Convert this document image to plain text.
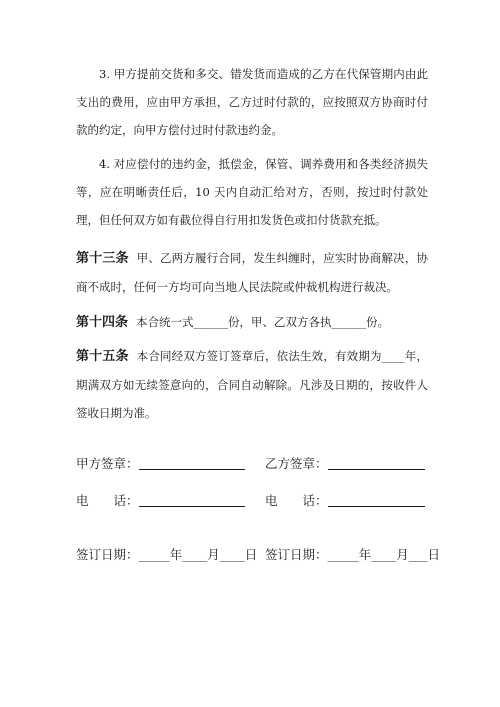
3. 甲方提前交货和多交、错发货而造成的乙方在代保管期内由此支出的费用，应由甲方承担，乙方过时付款的，应按照双方协商时付款的约定，向甲方偿付过时付款违约金。
4. 对应偿付的违约金，抵偿金，保管、调养费用和各类经济损失等，应在明晰责任后，10 天内自动汇给对方，否则，按过时付款处理，但任何双方如有截位得自行用扣发货色或扣付货款充抵。
第十三条 甲、乙两方履行合同，发生纠缠时，应实时协商解决，协商不成时，任何一方均可向当地人民法院或仲裁机构进行裁决。
第十四条 本合统一式______份，甲、乙双方各执______份。
第十五条 本合同经双方签订签章后，依法生效，有效期为____年，期满双方如无续签意向的，合同自动解除。凡涉及日期的，按收件人签收日期为准。
甲方签章：	乙方签章：
电　　话：	电　　话：
签订日期：_____年____月____日 签订日期：_____年____月___日
